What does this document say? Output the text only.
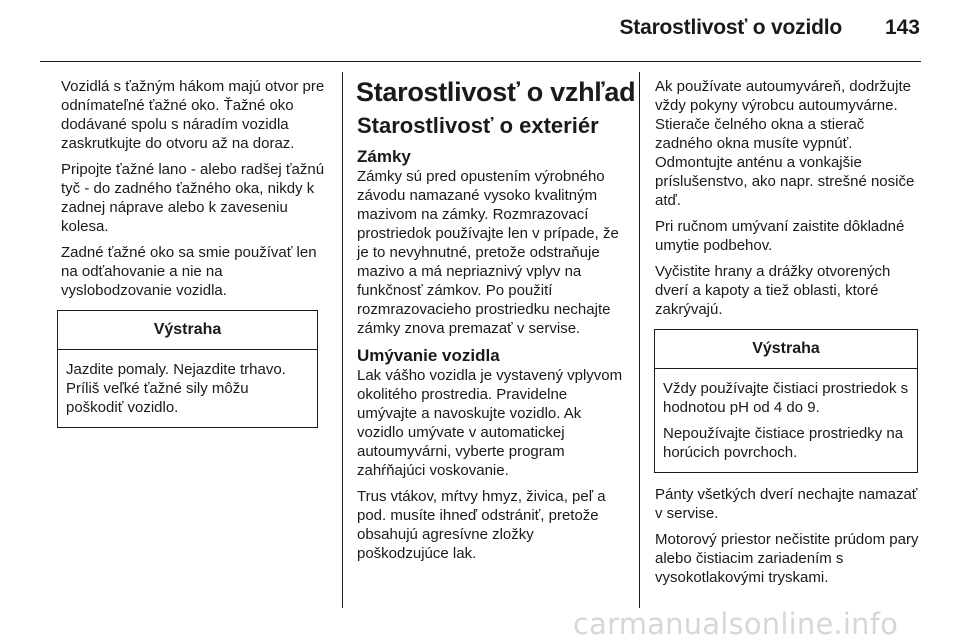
Starostlivosť o vozidlo 143

Vozidlá s ťažným hákom majú otvor pre odnímateľné ťažné oko. Ťažné oko dodávané spolu s náradím vozidla zaskrutkujte do otvoru až na doraz.

Pripojte ťažné lano - alebo radšej ťažnú tyč - do zadného ťažného oka, nikdy k zadnej nápravе alebo k zaveseniu kolesa.

Zadné ťažné oko sa smie používať len na odťahovanie a nie na vyslobodzovanie vozidla.

Výstraha

Jazdite pomaly. Nejazdite trhavo. Príliš veľké ťažné sily môžu poškodiť vozidlo.

Starostlivosť o vzhľad
Starostlivosť o exteriér
Zámky

Zámky sú pred opustením výrobného závodu namazané vysoko kvalitným mazivom na zámky. Rozmrazovací prostriedok používajte len v prípade, že je to nevyhnutné, pretože odstraňuje mazivo a má nepriaznivý vplyv na funkčnosť zámkov. Po použití rozmrazovacieho prostriedku nechajte zámky znova premazať v servise.

Umývanie vozidla

Lak vášho vozidla je vystavený vplyvom okolitého prostredia. Pravidelne umývajte a navoskujte vozidlo. Ak vozidlo umývate v automatickej autoumyvárni, vyberte program zahŕňajúci voskovanie.

Trus vtákov, mŕtvy hmyz, živica, peľ a pod. musíte ihneď odstrániť, pretože obsahujú agresívne zložky poškodzujúce lak.

Ak používate autoumyváreň, dodržujte vždy pokyny výrobcu autoumyvárne. Stierače čelného okna a stierač zadného okna musíte vypnúť. Odmontujte anténu a vonkajšie príslušenstvo, ako napr. strešné nosiče atď.

Pri ručnom umývaní zaistite dôkladné umytie podbehov.

Vyčistite hrany a drážky otvorených dverí a kapoty a tiež oblasti, ktoré zakrývajú.

Výstraha

Vždy používajte čistiaci prostriedok s hodnotou pH od 4 do 9.

Nepoužívajte čistiace prostriedky na horúcich povrchoch.

Pánty všetkých dverí nechajte namazať v servise.

Motorový priestor nečistite prúdom pary alebo čistiacim zariadením s vysokotlakovými tryskami.

carmanualsonline.info
